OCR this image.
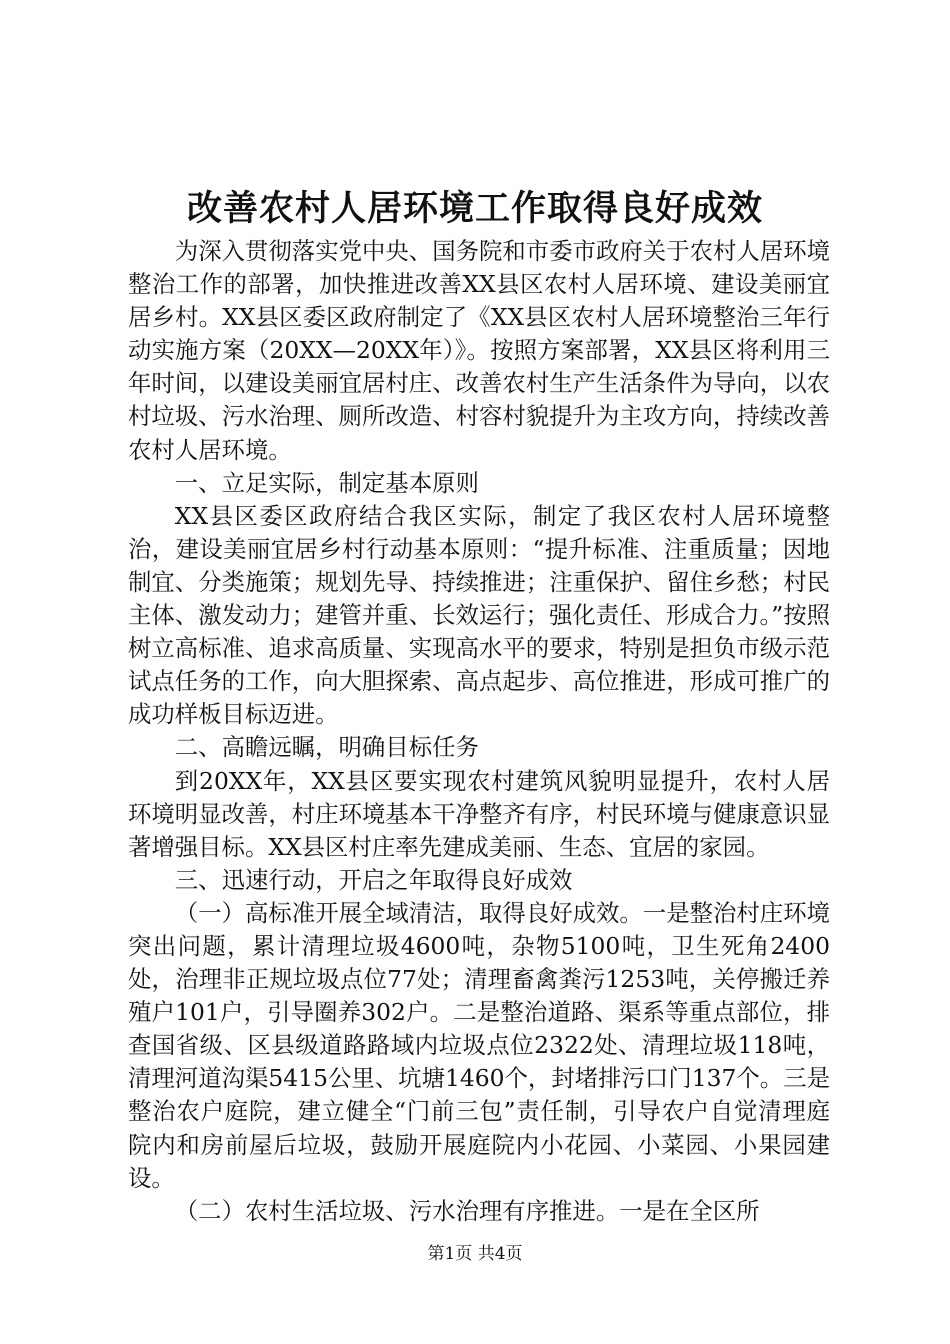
改善农村人居环境工作取得良好成效

为深入贯彻落实党中央、国务院和市委市政府关于农村人居环境整治工作的部署，加快推进改善XX县区农村人居环境、建设美丽宜居乡村。XX县区委区政府制定了《XX县区农村人居环境整治三年行动实施方案（20XX—20XX年）》。按照方案部署，XX县区将利用三年时间，以建设美丽宜居村庄、改善农村生产生活条件为导向，以农村垃圾、污水治理、厕所改造、村容村貌提升为主攻方向，持续改善农村人居环境。

一、立足实际，制定基本原则

XX县区委区政府结合我区实际，制定了我区农村人居环境整治，建设美丽宜居乡村行动基本原则：“提升标准、注重质量；因地制宜、分类施策；规划先导、持续推进；注重保护、留住乡愁；村民主体、激发动力；建管并重、长效运行；强化责任、形成合力。”按照树立高标准、追求高质量、实现高水平的要求，特别是担负市级示范试点任务的工作，向大胆探索、高点起步、高位推进，形成可推广的成功样板目标迈进。

二、高瞻远瞩，明确目标任务

到20XX年，XX县区要实现农村建筑风貌明显提升，农村人居环境明显改善，村庄环境基本干净整齐有序，村民环境与健康意识显著增强目标。XX县区村庄率先建成美丽、生态、宜居的家园。

三、迅速行动，开启之年取得良好成效

（一）高标准开展全域清洁，取得良好成效。一是整治村庄环境突出问题，累计清理垃圾4600吨，杂物5100吨，卫生死角2400处，治理非正规垃圾点位77处；清理畜禽粪污1253吨，关停搬迁养殖户101户，引导圈养302户。二是整治道路、渠系等重点部位，排查国省级、区县级道路路域内垃圾点位2322处、清理垃圾118吨，清理河道沟渠5415公里、坑塘1460个，封堵排污口门137个。三是整治农户庭院，建立健全“门前三包”责任制，引导农户自觉清理庭院内和房前屋后垃圾，鼓励开展庭院内小花园、小菜园、小果园建设。

（二）农村生活垃圾、污水治理有序推进。一是在全区所

第1页 共4页
